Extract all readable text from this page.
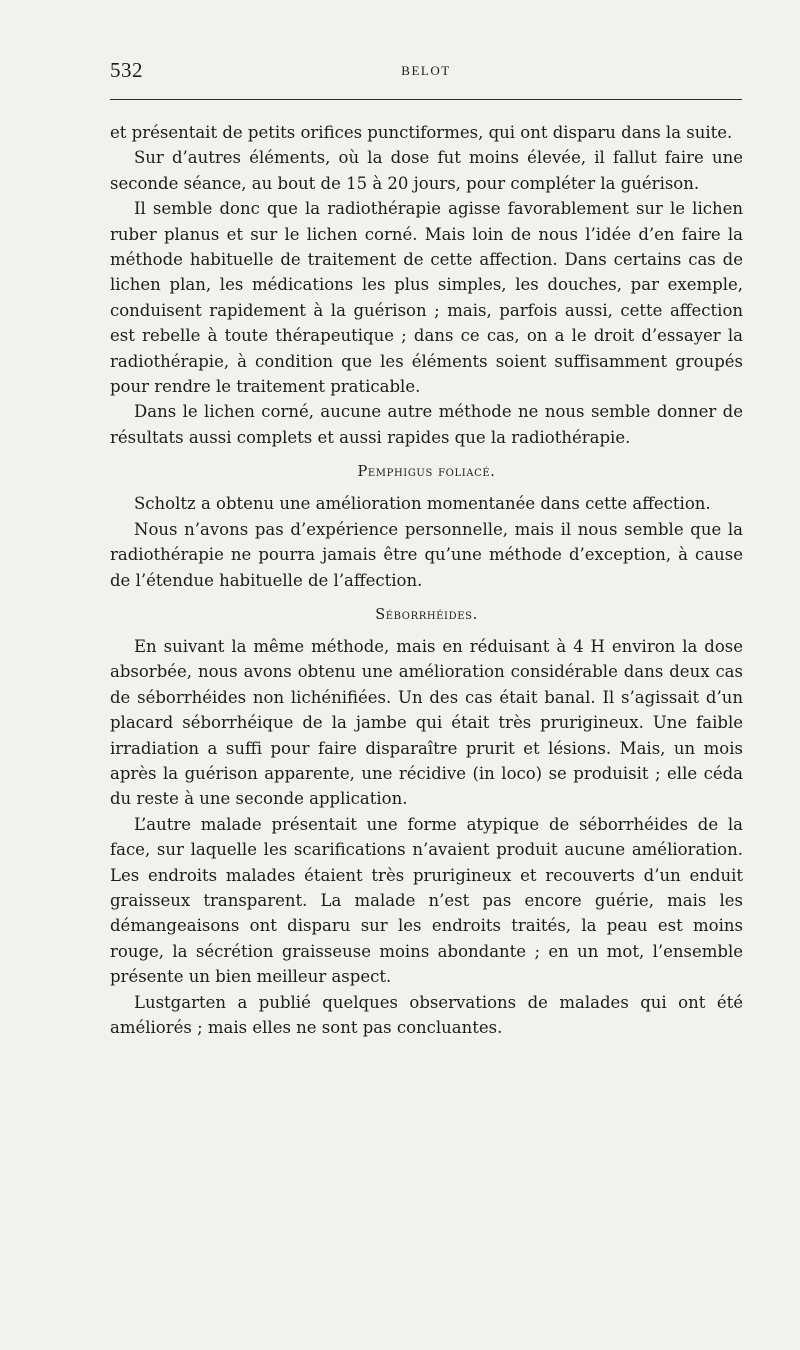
532	BELOT

et présentait de petits orifices punctiformes, qui ont disparu dans la suite.

Sur d’autres éléments, où la dose fut moins élevée, il fallut faire une seconde séance, au bout de 15 à 20 jours, pour compléter la guérison.

Il semble donc que la radiothérapie agisse favorablement sur le lichen ruber planus et sur le lichen corné. Mais loin de nous l’idée d’en faire la méthode habituelle de traitement de cette affection. Dans certains cas de lichen plan, les médications les plus simples, les douches, par exemple, conduisent rapidement à la guérison ; mais, parfois aussi, cette affection est rebelle à toute thérapeutique ; dans ce cas, on a le droit d’essayer la radiothérapie, à condition que les éléments soient suffisamment groupés pour rendre le traitement praticable.

Dans le lichen corné, aucune autre méthode ne nous semble donner de résultats aussi complets et aussi rapides que la radiothérapie.

Pemphigus foliacé.

Scholtz a obtenu une amélioration momentanée dans cette affection.

Nous n’avons pas d’expérience personnelle, mais il nous semble que la radiothérapie ne pourra jamais être qu’une méthode d’exception, à cause de l’étendue habituelle de l’affection.

Séborrhéides.

En suivant la même méthode, mais en réduisant à 4 H environ la dose absorbée, nous avons obtenu une amélioration considérable dans deux cas de séborrhéides non lichénifiées. Un des cas était banal. Il s’agissait d’un placard séborrhéique de la jambe qui était très prurigineux. Une faible irradiation a suffi pour faire disparaître prurit et lésions. Mais, un mois après la guérison apparente, une récidive (in loco) se produisit ; elle céda du reste à une seconde application.

L’autre malade présentait une forme atypique de séborrhéides de la face, sur laquelle les scarifications n’avaient produit aucune amélioration. Les endroits malades étaient très prurigineux et recouverts d’un enduit graisseux transparent. La malade n’est pas encore guérie, mais les démangeaisons ont disparu sur les endroits traités, la peau est moins rouge, la sécrétion graisseuse moins abondante ; en un mot, l’ensemble présente un bien meilleur aspect.

Lustgarten a publié quelques observations de malades qui ont été améliorés ; mais elles ne sont pas concluantes.
